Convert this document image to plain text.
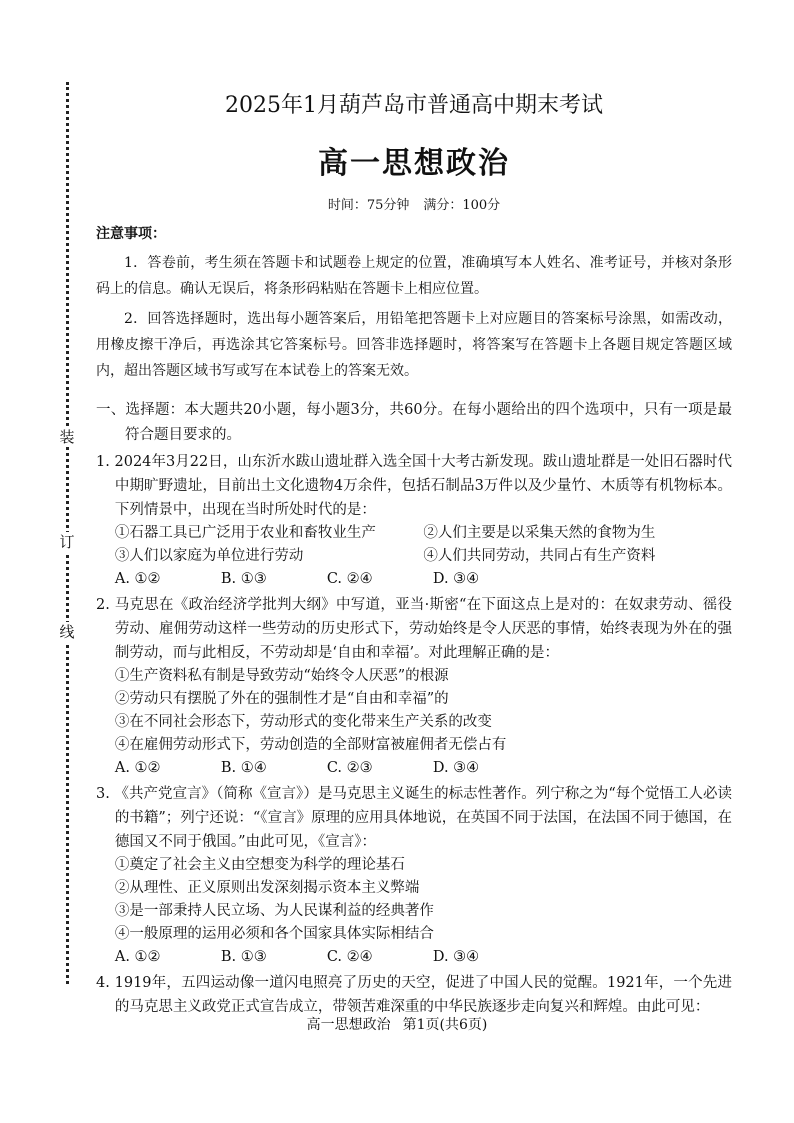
装
订
线
2025年1月葫芦岛市普通高中期末考试
高一思想政治
时间：75分钟 满分：100分
注意事项：

1．答卷前，考生须在答题卡和试题卷上规定的位置，准确填写本人姓名、准考证号，并核对条形码上的信息。确认无误后，将条形码粘贴在答题卡上相应位置。

2．回答选择题时，选出每小题答案后，用铅笔把答题卡上对应题目的答案标号涂黑，如需改动，用橡皮擦干净后，再选涂其它答案标号。回答非选择题时，将答案写在答题卡上各题目规定答题区域内，超出答题区域书写或写在本试卷上的答案无效。

一、选择题：本大题共20小题，每小题3分，共60分。在每小题给出的四个选项中，只有一项是最符合题目要求的。
1. 2024年3月22日，山东沂水跋山遗址群入选全国十大考古新发现。跋山遗址群是一处旧石器时代中期旷野遗址，目前出土文化遗物4万余件，包括石制品3万件以及少量竹、木质等有机物标本。下列情景中，出现在当时所处时代的是：
①石器工具已广泛用于农业和畜牧业生产	②人们主要是以采集天然的食物为生
③人们以家庭为单位进行劳动	④人们共同劳动，共同占有生产资料
A. ①②	B. ①③	C. ②④	D. ③④
2. 马克思在《政治经济学批判大纲》中写道，亚当·斯密“在下面这点上是对的：在奴隶劳动、徭役劳动、雇佣劳动这样一些劳动的历史形式下，劳动始终是令人厌恶的事情，始终表现为外在的强制劳动，而与此相反，不劳动却是‘自由和幸福’。对此理解正确的是：
①生产资料私有制是导致劳动“始终令人厌恶”的根源
②劳动只有摆脱了外在的强制性才是“自由和幸福”的
③在不同社会形态下，劳动形式的变化带来生产关系的改变
④在雇佣劳动形式下，劳动创造的全部财富被雇佣者无偿占有
A. ①②	B. ①④	C. ②③	D. ③④
3. 《共产党宣言》（简称《宣言》）是马克思主义诞生的标志性著作。列宁称之为“每个觉悟工人必读的书籍”；列宁还说：“《宣言》原理的应用具体地说，在英国不同于法国，在法国不同于德国，在德国又不同于俄国。”由此可见，《宣言》：
①奠定了社会主义由空想变为科学的理论基石
②从理性、正义原则出发深刻揭示资本主义弊端
③是一部秉持人民立场、为人民谋利益的经典著作
④一般原理的运用必须和各个国家具体实际相结合
A. ①②	B. ①③	C. ②④	D. ③④
4. 1919年，五四运动像一道闪电照亮了历史的天空，促进了中国人民的觉醒。1921年，一个先进的马克思主义政党正式宣告成立，带领苦难深重的中华民族逐步走向复兴和辉煌。由此可见：
高一思想政治 第1页(共6页)
